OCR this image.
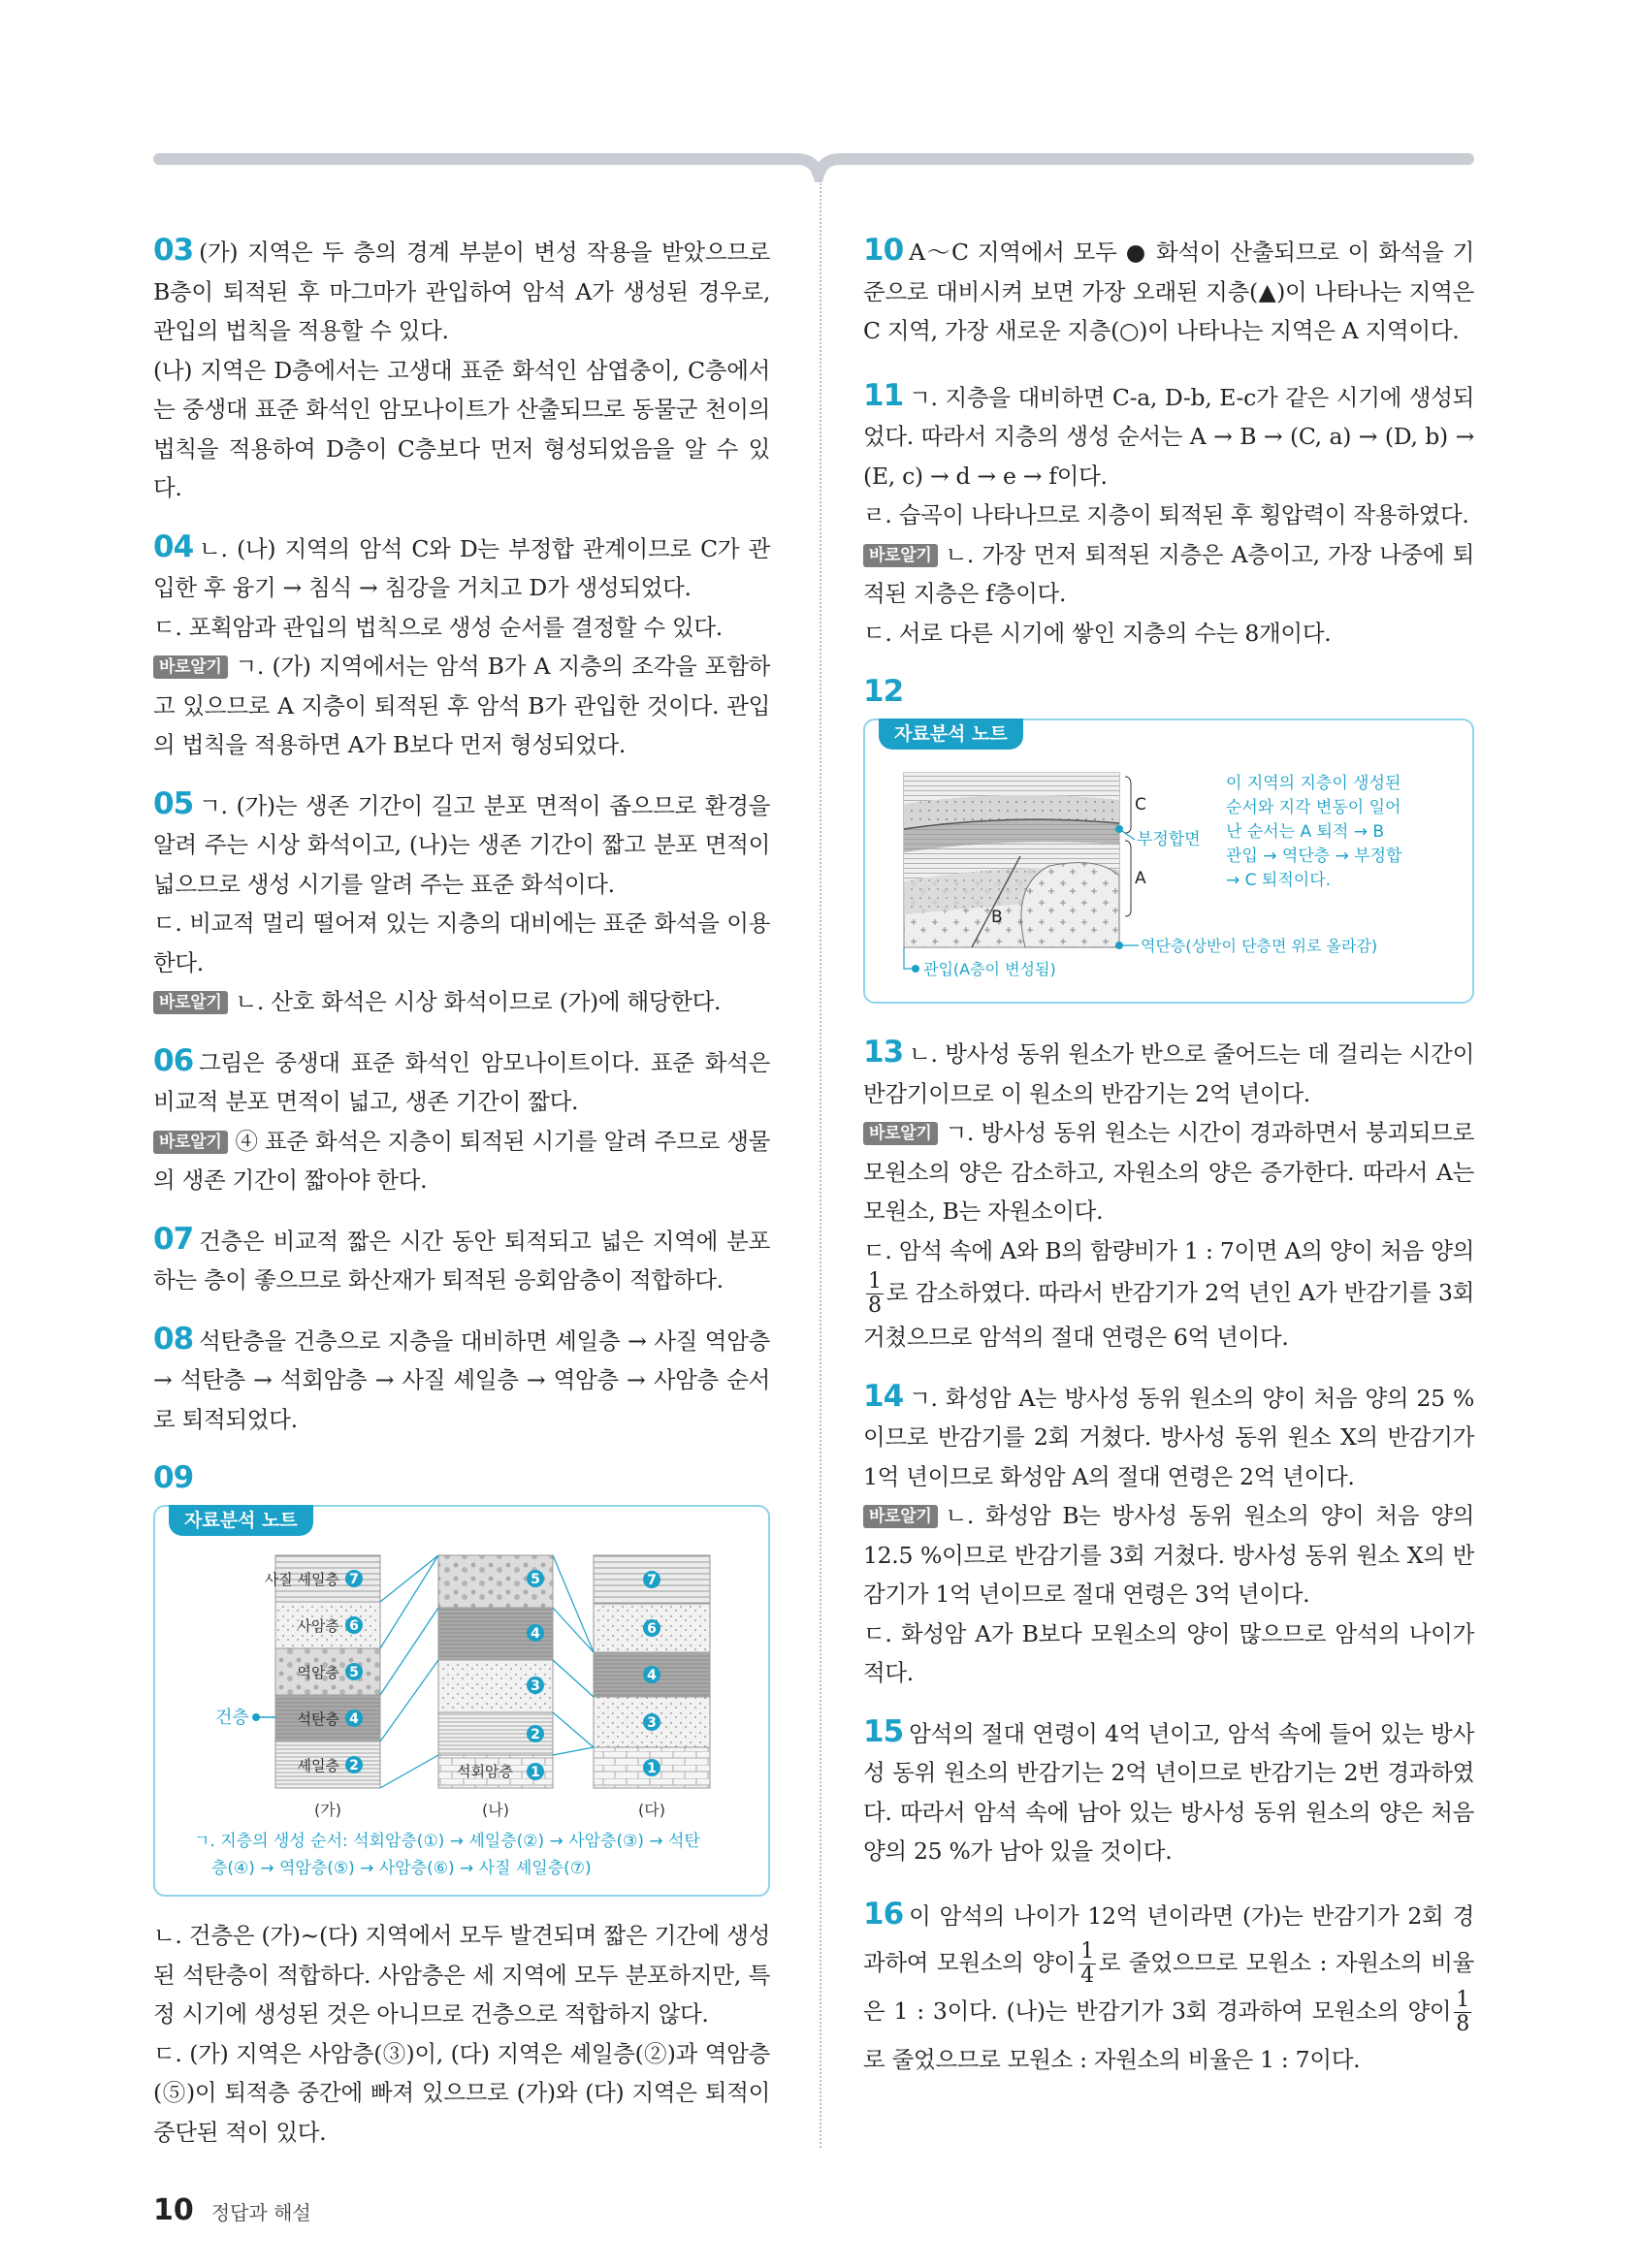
03 (가) 지역은 두 층의 경계 부분이 변성 작용을 받았으므로 B층이 퇴적된 후 마그마가 관입하여 암석 A가 생성된 경우로, 관입의 법칙을 적용할 수 있다.

(나) 지역은 D층에서는 고생대 표준 화석인 삼엽충이, C층에서는 중생대 표준 화석인 암모나이트가 산출되므로 동물군 천이의 법칙을 적용하여 D층이 C층보다 먼저 형성되었음을 알 수 있다.

04 ㄴ. (나) 지역의 암석 C와 D는 부정합 관계이므로 C가 관입한 후 융기 → 침식 → 침강을 거치고 D가 생성되었다.

ㄷ. 포획암과 관입의 법칙으로 생성 순서를 결정할 수 있다.

바로알기 ㄱ. (가) 지역에서는 암석 B가 A 지층의 조각을 포함하고 있으므로 A 지층이 퇴적된 후 암석 B가 관입한 것이다. 관입의 법칙을 적용하면 A가 B보다 먼저 형성되었다.

05 ㄱ. (가)는 생존 기간이 길고 분포 면적이 좁으므로 환경을 알려 주는 시상 화석이고, (나)는 생존 기간이 짧고 분포 면적이 넓으므로 생성 시기를 알려 주는 표준 화석이다.

ㄷ. 비교적 멀리 떨어져 있는 지층의 대비에는 표준 화석을 이용한다.

바로알기 ㄴ. 산호 화석은 시상 화석이므로 (가)에 해당한다.

06 그림은 중생대 표준 화석인 암모나이트이다. 표준 화석은 비교적 분포 면적이 넓고, 생존 기간이 짧다.

바로알기 ④ 표준 화석은 지층이 퇴적된 시기를 알려 주므로 생물의 생존 기간이 짧아야 한다.

07 건층은 비교적 짧은 시간 동안 퇴적되고 넓은 지역에 분포하는 층이 좋으므로 화산재가 퇴적된 응회암층이 적합하다.

08 석탄층을 건층으로 지층을 대비하면 셰일층 → 사질 역암층 → 석탄층 → 석회암층 → 사질 셰일층 → 역암층 → 사암층 순서로 퇴적되었다.

09
자료분석 노트
사질 셰일층
사암층
역암층
석탄층
셰일층
7
6
5
4
2	석회암층
5
4
3
2
1
7
6
4
3
1
건층
(가)	(나)	(다)
ㄱ. 지층의 생성 순서: 석회암층(①) → 셰일층(②) → 사암층(③) → 석탄
층(④) → 역암층(⑤) → 사암층(⑥) → 사질 셰일층(⑦)

ㄴ. 건층은 (가)~(다) 지역에서 모두 발견되며 짧은 기간에 생성된 석탄층이 적합하다. 사암층은 세 지역에 모두 분포하지만, 특정 시기에 생성된 것은 아니므로 건층으로 적합하지 않다.

ㄷ. (가) 지역은 사암층(③)이, (다) 지역은 셰일층(②)과 역암층(⑤)이 퇴적층 중간에 빠져 있으므로 (가)와 (다) 지역은 퇴적이 중단된 적이 있다.

10 A～C 지역에서 모두 ● 화석이 산출되므로 이 화석을 기준으로 대비시켜 보면 가장 오래된 지층(▲)이 나타나는 지역은 C 지역, 가장 새로운 지층(○)이 나타나는 지역은 A 지역이다.

11 ㄱ. 지층을 대비하면 C-a, D-b, E-c가 같은 시기에 생성되었다. 따라서 지층의 생성 순서는 A → B → (C, a) → (D, b) → (E, c) → d → e → f이다.

ㄹ. 습곡이 나타나므로 지층이 퇴적된 후 횡압력이 작용하였다.

바로알기 ㄴ. 가장 먼저 퇴적된 지층은 A층이고, 가장 나중에 퇴적된 지층은 f층이다.

ㄷ. 서로 다른 시기에 쌓인 지층의 수는 8개이다.

12
자료분석 노트
C
A
B
부정합면
이 지역의 지층이 생성된
순서와 지각 변동이 일어
난 순서는 A 퇴적 → B
관입 → 역단층 → 부정합
→ C 퇴적이다.
역단층(상반이 단층면 위로 올라감)
관입(A층이 변성됨)

13 ㄴ. 방사성 동위 원소가 반으로 줄어드는 데 걸리는 시간이 반감기이므로 이 원소의 반감기는 2억 년이다.

바로알기 ㄱ. 방사성 동위 원소는 시간이 경과하면서 붕괴되므로 모원소의 양은 감소하고, 자원소의 양은 증가한다. 따라서 A는 모원소, B는 자원소이다.

ㄷ. 암석 속에 A와 B의 함량비가 1 : 7이면 A의 양이 처음 양의
$\frac{1}{8}$ 로 감소하였다. 따라서 반감기가 2억 년인 A가 반감기를 3회 거쳤으므로 암석의 절대 연령은 6억 년이다.

14 ㄱ. 화성암 A는 방사성 동위 원소의 양이 처음 양의 25 %이므로 반감기를 2회 거쳤다. 방사성 동위 원소 X의 반감기가 1억 년이므로 화성암 A의 절대 연령은 2억 년이다.

바로알기 ㄴ. 화성암 B는 방사성 동위 원소의 양이 처음 양의 12.5 %이므로 반감기를 3회 거쳤다. 방사성 동위 원소 X의 반감기가 1억 년이므로 절대 연령은 3억 년이다.

ㄷ. 화성암 A가 B보다 모원소의 양이 많으므로 암석의 나이가 적다.

15 암석의 절대 연령이 4억 년이고, 암석 속에 들어 있는 방사성 동위 원소의 반감기는 2억 년이므로 반감기는 2번 경과하였다. 따라서 암석 속에 남아 있는 방사성 동위 원소의 양은 처음 양의 25 %가 남아 있을 것이다.

16 이 암석의 나이가 12억 년이라면 (가)는 반감기가 2회 경과하여 모원소의 양이 $\frac{1}{4}$ 로 줄었으므로 모원소 : 자원소의 비율은 1 : 3이다. (나)는 반감기가 3회 경과하여 모원소의 양이 $\frac{1}{8}$
로 줄었으므로 모원소 : 자원소의 비율은 1 : 7이다.

10 정답과 해설
